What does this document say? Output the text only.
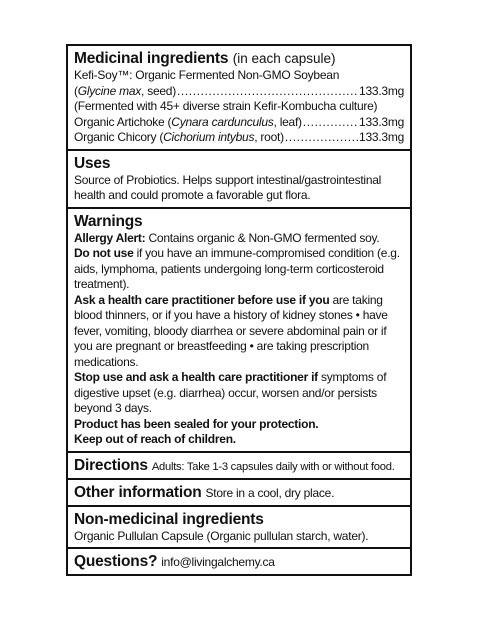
Medicinal ingredients (in each capsule)
Kefi-Soy™: Organic Fermented Non-GMO Soybean
(Glycine max, seed) .....	133.3mg
(Fermented with 45+ diverse strain Kefir-Kombucha culture)
Organic Artichoke (Cynara cardunculus, leaf) .....	133.3mg
Organic Chicory (Cichorium intybus, root) .....	133.3mg
Uses
Source of Probiotics. Helps support intestinal/gastrointestinal health and could promote a favorable gut flora.
Warnings
Allergy Alert: Contains organic & Non-GMO fermented soy.
Do not use if you have an immune-compromised condition (e.g. aids, lymphoma, patients undergoing long-term corticosteroid treatment).
Ask a health care practitioner before use if you are taking blood thinners, or if you have a history of kidney stones • have fever, vomiting, bloody diarrhea or severe abdominal pain or if you are pregnant or breastfeeding • are taking prescription medications.
Stop use and ask a health care practitioner if symptoms of digestive upset (e.g. diarrhea) occur, worsen and/or persists beyond 3 days.
Product has been sealed for your protection.
Keep out of reach of children.
Directions Adults: Take 1-3 capsules daily with or without food.
Other information Store in a cool, dry place.
Non-medicinal ingredients
Organic Pullulan Capsule (Organic pullulan starch, water).
Questions? info@livingalchemy.ca
